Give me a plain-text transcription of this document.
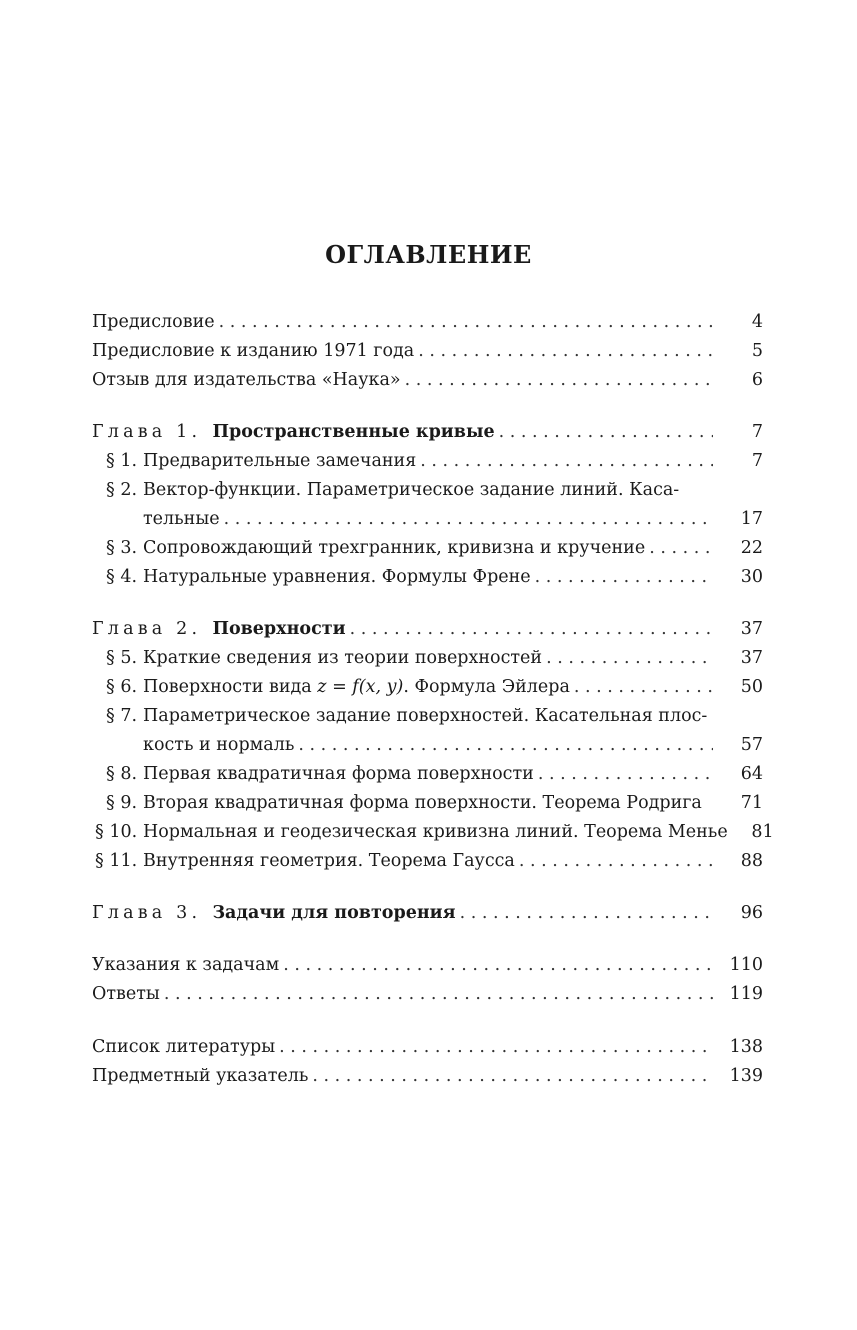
ОГЛАВЛЕНИЕ
Предисловие . . .	4
Предисловие к изданию 1971 года . . .	5
Отзыв для издательства «Наука» . . .	6
Глава 1. Пространственные кривые . . .	7
§ 1. Предварительные замечания . . .	7
§ 2. Вектор-функции. Параметрическое задание линий. Каса-
тельные . . .	17
§ 3. Сопровождающий трехгранник, кривизна и кручение . . .	22
§ 4. Натуральные уравнения. Формулы Френе . . .	30
Глава 2. Поверхности . . .	37
§ 5. Краткие сведения из теории поверхностей . . .	37
§ 6. Поверхности вида z = f(x, y). Формула Эйлера . . .	50
§ 7. Параметрическое задание поверхностей. Касательная плос-
кость и нормаль . . .	57
§ 8. Первая квадратичная форма поверхности . . .	64
§ 9. Вторая квадратичная форма поверхности. Теорема Родрига	71
§ 10. Нормальная и геодезическая кривизна линий. Теорема Менье	81
§ 11. Внутренняя геометрия. Теорема Гаусса . . .	88
Глава 3. Задачи для повторения . . .	96
Указания к задачам . . .	110
Ответы . . .	119
Список литературы . . .	138
Предметный указатель . . .	139
